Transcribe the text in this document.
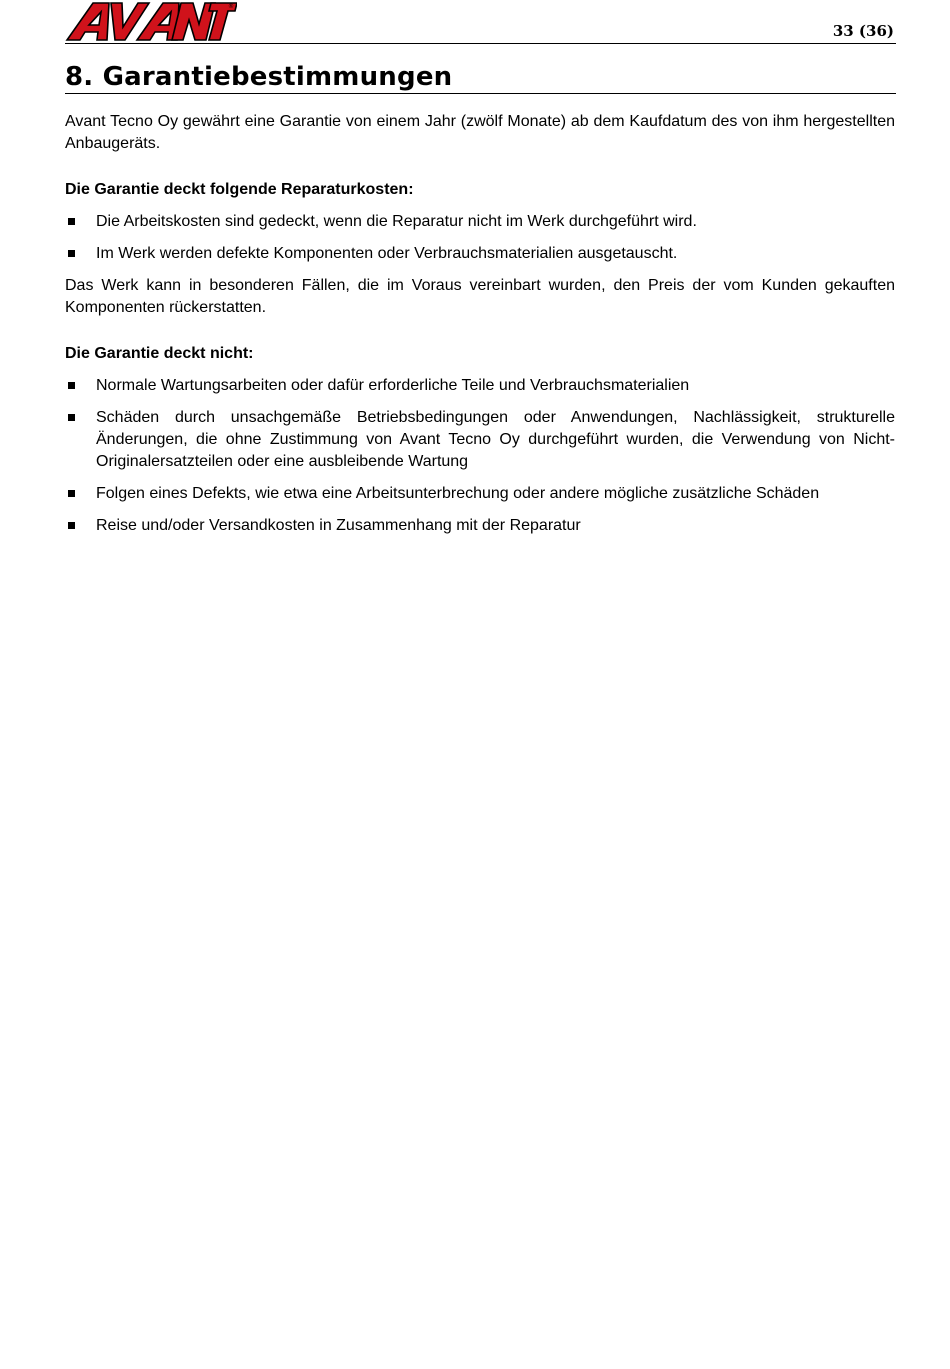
®
33 (36)
8. Garantiebestimmungen

Avant Tecno Oy gewährt eine Garantie von einem Jahr (zwölf Monate) ab dem Kaufdatum des von ihm hergestellten Anbaugeräts.

Die Garantie deckt folgende Reparaturkosten:

Die Arbeitskosten sind gedeckt, wenn die Reparatur nicht im Werk durchgeführt wird.
Im Werk werden defekte Komponenten oder Verbrauchsmaterialien ausgetauscht.

Das Werk kann in besonderen Fällen, die im Voraus vereinbart wurden, den Preis der vom Kunden gekauften Komponenten rückerstatten.

Die Garantie deckt nicht:

Normale Wartungsarbeiten oder dafür erforderliche Teile und Verbrauchsmaterialien
Schäden durch unsachgemäße Betriebsbedingungen oder Anwendungen, Nachlässigkeit, strukturelle Änderungen, die ohne Zustimmung von Avant Tecno Oy durchgeführt wurden, die Verwendung von Nicht-Originalersatzteilen oder eine ausbleibende Wartung
Folgen eines Defekts, wie etwa eine Arbeitsunterbrechung oder andere mögliche zusätzliche Schäden
Reise und/oder Versandkosten in Zusammenhang mit der Reparatur
